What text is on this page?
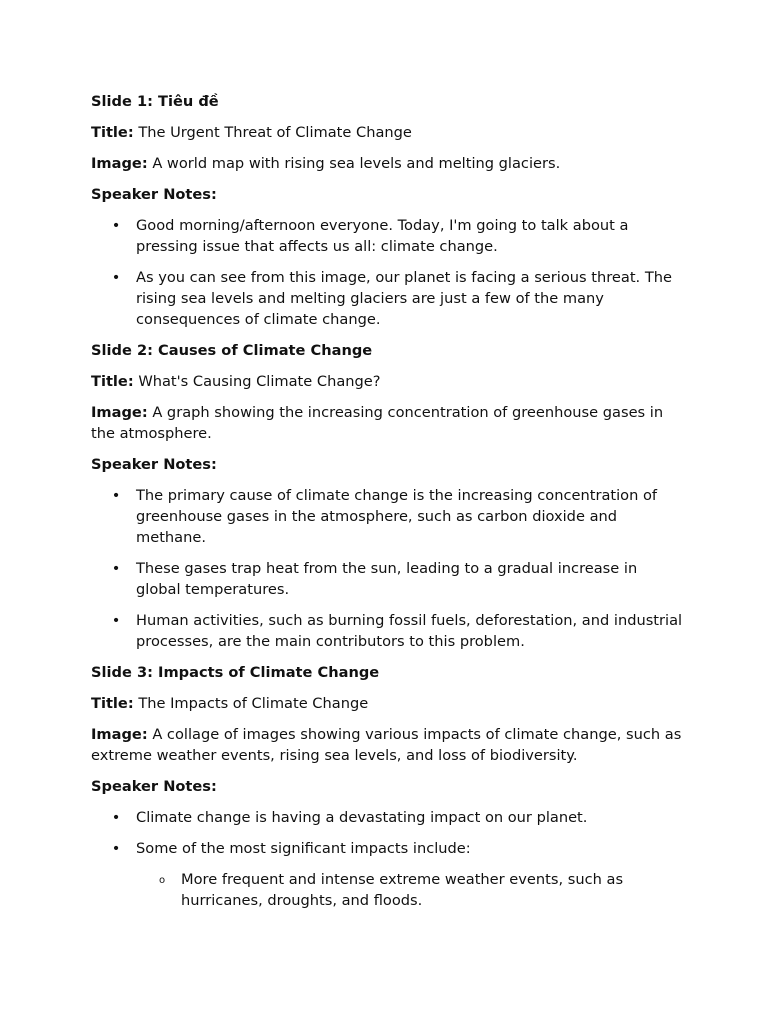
Slide 1: Tiêu đề

Title: The Urgent Threat of Climate Change

Image: A world map with rising sea levels and melting glaciers.

Speaker Notes:

• Good morning/afternoon everyone. Today, I'm going to talk about a pressing issue that affects us all: climate change.
• As you can see from this image, our planet is facing a serious threat. The rising sea levels and melting glaciers are just a few of the many consequences of climate change.

Slide 2: Causes of Climate Change

Title: What's Causing Climate Change?

Image: A graph showing the increasing concentration of greenhouse gases in the atmosphere.

Speaker Notes:

• The primary cause of climate change is the increasing concentration of greenhouse gases in the atmosphere, such as carbon dioxide and methane.
• These gases trap heat from the sun, leading to a gradual increase in global temperatures.
• Human activities, such as burning fossil fuels, deforestation, and industrial processes, are the main contributors to this problem.

Slide 3: Impacts of Climate Change

Title: The Impacts of Climate Change

Image: A collage of images showing various impacts of climate change, such as extreme weather events, rising sea levels, and loss of biodiversity.

Speaker Notes:

• Climate change is having a devastating impact on our planet.
• Some of the most significant impacts include:
o More frequent and intense extreme weather events, such as hurricanes, droughts, and floods.
